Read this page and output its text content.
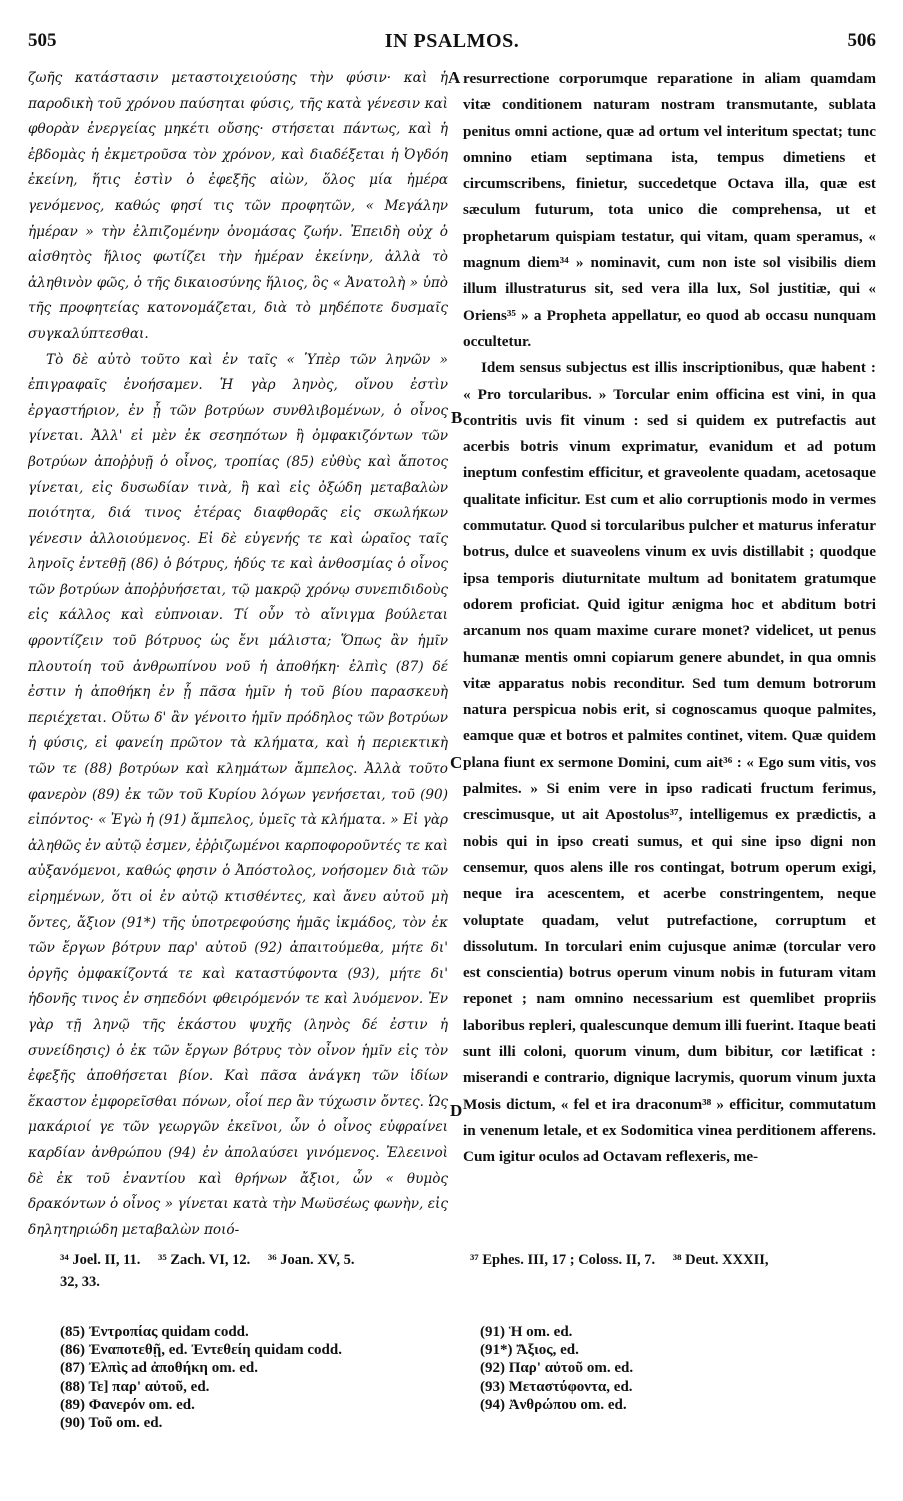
505	IN PSALMOS.	506

ζωῆς κατάστασιν μεταστοιχειούσης τὴν φύσιν· καὶ ἡ παροδικὴ τοῦ χρόνου παύσηται φύσις, τῆς κατὰ γένεσιν καὶ φθορὰν ἐνεργείας μηκέτι οὔσης· στήσεται πάντως, καὶ ἡ ἑβδομὰς ἡ ἐκμετροῦσα τὸν χρόνον, καὶ διαδέξεται ἡ Ὀγδόη ἐκείνη, ἥτις ἐστὶν ὁ ἐφεξῆς αἰὼν, ὅλος μία ἡμέρα γενόμενος, καθώς φησί τις τῶν προφητῶν, « Μεγάλην ἡμέραν » τὴν ἐλπιζομένην ὀνομάσας ζωήν. Ἐπειδὴ οὐχ ὁ αἰσθητὸς ἥλιος φωτίζει τὴν ἡμέραν ἐκείνην, ἀλλὰ τὸ ἀληθινὸν φῶς, ὁ τῆς δικαιοσύνης ἥλιος, ὃς « Ἀνατολὴ » ὑπὸ τῆς προφητείας κατονομάζεται, διὰ τὸ μηδέποτε δυσμαῖς συγκαλύπτεσθαι.

Τὸ δὲ αὐτὸ τοῦτο καὶ ἐν ταῖς « Ὑπὲρ τῶν ληνῶν » ἐπιγραφαῖς ἐνοήσαμεν. Ἡ γὰρ ληνὸς, οἴνου ἐστὶν ἐργαστήριον, ἐν ᾗ τῶν βοτρύων συνθλιβομένων, ὁ οἶνος γίνεται. Ἀλλ' εἰ μὲν ἐκ σεσηπότων ἢ ὀμφακιζόντων τῶν βοτρύων ἀποῤῥυῇ ὁ οἶνος, τροπίας (85) εὐθὺς καὶ ἄποτος γίνεται, εἰς δυσωδίαν τινὰ, ἢ καὶ εἰς ὀξώδη μεταβαλὼν ποιότητα, διά τινος ἑτέρας διαφθορᾶς εἰς σκωλήκων γένεσιν ἀλλοιούμενος. Εἰ δὲ εὐγενής τε καὶ ὡραῖος ταῖς ληνοῖς ἐντεθῇ (86) ὁ βότρυς, ἡδύς τε καὶ ἀνθοσμίας ὁ οἶνος τῶν βοτρύων ἀποῤῥυήσεται, τῷ μακρῷ χρόνῳ συνεπιδιδοὺς εἰς κάλλος καὶ εὐπνοιαν. Τί οὖν τὸ αἴνιγμα βούλεται φροντίζειν τοῦ βότρυος ὡς ἔνι μάλιστα; Ὅπως ἂν ἡμῖν πλουτοίη τοῦ ἀνθρωπίνου νοῦ ἡ ἀποθήκη· ἐλπὶς (87) δέ ἐστιν ἡ ἀποθήκη ἐν ᾗ πᾶσα ἡμῖν ἡ τοῦ βίου παρασκευὴ περιέχεται. Οὕτω δ' ἂν γένοιτο ἡμῖν πρόδηλος τῶν βοτρύων ἡ φύσις, εἰ φανείη πρῶτον τὰ κλήματα, καὶ ἡ περιεκτικὴ τῶν τε (88) βοτρύων καὶ κλημάτων ἄμπελος. Ἀλλὰ τοῦτο φανερὸν (89) ἐκ τῶν τοῦ Κυρίου λόγων γενήσεται, τοῦ (90) εἰπόντος· « Ἐγὼ ἡ (91) ἄμπελος, ὑμεῖς τὰ κλήματα. » Εἰ γὰρ ἀληθῶς ἐν αὐτῷ ἐσμεν, ἐῤῥιζωμένοι καρποφοροῦντές τε καὶ αὐξανόμενοι, καθώς φησιν ὁ Ἀπόστολος, νοήσομεν διὰ τῶν εἰρημένων, ὅτι οἱ ἐν αὐτῷ κτισθέντες, καὶ ἄνευ αὐτοῦ μὴ ὄντες, ἄξιον (91*) τῆς ὑποτρεφούσης ἡμᾶς ἰκμάδος, τὸν ἐκ τῶν ἔργων βότρυν παρ' αὐτοῦ (92) ἀπαιτούμεθα, μήτε δι' ὀργῆς ὀμφακίζοντά τε καὶ καταστύφοντα (93), μήτε δι' ἡδονῆς τινος ἐν σηπεδόνι φθειρόμενόν τε καὶ λυόμενον. Ἐν γὰρ τῇ ληνῷ τῆς ἑκάστου ψυχῆς (ληνὸς δέ ἐστιν ἡ συνείδησις) ὁ ἐκ τῶν ἔργων βότρυς τὸν οἶνον ἡμῖν εἰς τὸν ἐφεξῆς ἀποθήσεται βίον. Καὶ πᾶσα ἀνάγκη τῶν ἰδίων ἕκαστον ἐμφορεῖσθαι πόνων, οἷοί περ ἂν τύχωσιν ὄντες. Ὡς μακάριοί γε τῶν γεωργῶν ἐκεῖνοι, ὧν ὁ οἶνος εὐφραίνει καρδίαν ἀνθρώπου (94) ἐν ἀπολαύσει γινόμενος. Ἐλεεινοὶ δὲ ἐκ τοῦ ἐναντίου καὶ θρήνων ἄξιοι, ὧν « θυμὸς δρακόντων ὁ οἶνος » γίνεται κατὰ τὴν Μωϋσέως φωνὴν, εἰς δηλητηριώδη μεταβαλὼν ποιό-

resurrectione corporumque reparatione in aliam quamdam vitæ conditionem naturam nostram transmutante, sublata penitus omni actione, quæ ad ortum vel interitum spectat; tunc omnino etiam septimana ista, tempus dimetiens et circumscribens, finietur, succedetque Octava illa, quæ est sæculum futurum, tota unico die comprehensa, ut et prophetarum quispiam testatur, qui vitam, quam speramus, « magnum diem³⁴ » nominavit, cum non iste sol visibilis diem illum illustraturus sit, sed vera illa lux, Sol justitiæ, qui « Oriens³⁵ » a Propheta appellatur, eo quod ab occasu nunquam occultetur.

Idem sensus subjectus est illis inscriptionibus, quæ habent : « Pro torcularibus. » Torcular enim officina est vini, in qua contritis uvis fit vinum : sed si quidem ex putrefactis aut acerbis botris vinum exprimatur, evanidum et ad potum ineptum confestim efficitur, et graveolente quadam, acetosaque qualitate inficitur. Est cum et alio corruptionis modo in vermes commutatur. Quod si torcularibus pulcher et maturus inferatur botrus, dulce et suaveolens vinum ex uvis distillabit ; quodque ipsa temporis diuturnitate multum ad bonitatem gratumque odorem proficiat. Quid igitur ænigma hoc et abditum botri arcanum nos quam maxime curare monet? videlicet, ut penus humanæ mentis omni copiarum genere abundet, in qua omnis vitæ apparatus nobis reconditur. Sed tum demum botrorum natura perspicua nobis erit, si cognoscamus quoque palmites, eamque quæ et botros et palmites continet, vitem. Quæ quidem plana fiunt ex sermone Domini, cum ait³⁶ : « Ego sum vitis, vos palmites. » Si enim vere in ipso radicati fructum ferimus, crescimusque, ut ait Apostolus³⁷, intelligemus ex prædictis, a nobis qui in ipso creati sumus, et qui sine ipso digni non censemur, quos alens ille ros contingat, botrum operum exigi, neque ira acescentem, et acerbe constringentem, neque voluptate quadam, velut putrefactione, corruptum et dissolutum. In torculari enim cujusque animæ (torcular vero est conscientia) botrus operum vinum nobis in futuram vitam reponet ; nam omnino necessarium est quemlibet propriis laboribus repleri, qualescunque demum illi fuerint. Itaque beati sunt illi coloni, quorum vinum, dum bibitur, cor lætificat : miserandi e contrario, dignique lacrymis, quorum vinum juxta Mosis dictum, « fel et ira draconum³⁸ » efficitur, commutatum in venenum letale, et ex Sodomitica vinea perditionem afferens. Cum igitur oculos ad Octavam reflexeris, me-

A
B
C
D
³⁴ Joel. II, 11. ³⁵ Zach. VI, 12. ³⁶ Joan. XV, 5.
32, 33.
³⁷ Ephes. III, 17 ; Coloss. II, 7. ³⁸ Deut. XXXII,
(85) Ἐντροπίας quidam codd.
(86) Ἐναποτεθῇ, ed. Ἐντεθείη quidam codd.
(87) Ἐλπὶς ad ἀποθήκη om. ed.
(88) Τε] παρ' αὐτοῦ, ed.
(89) Φανερόν om. ed.
(90) Τοῦ om. ed.
(91) Ἡ om. ed.
(91*) Ἄξιος, ed.
(92) Παρ' αὐτοῦ om. ed.
(93) Μεταστύφοντα, ed.
(94) Ἀνθρώπου om. ed.
